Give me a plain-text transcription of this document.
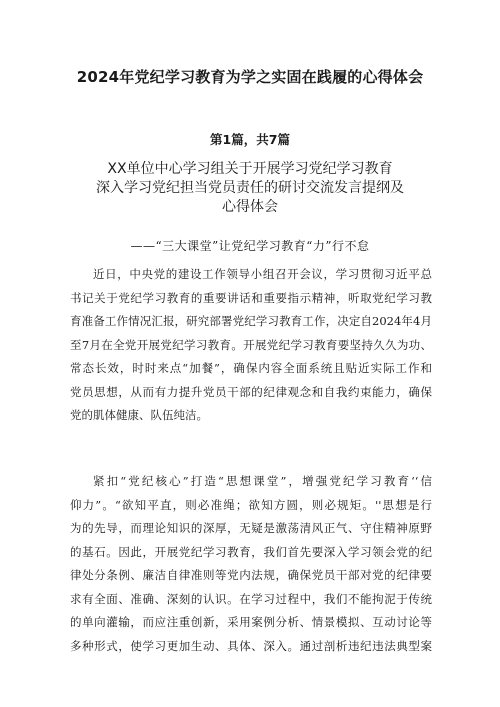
2024年党纪学习教育为学之实固在践履的心得体会
第1篇，共7篇
XX单位中心学习组关于开展学习党纪学习教育
深入学习党纪担当党员责任的研讨交流发言提纲及
心得体会
——“三大课堂”让党纪学习教育“力”行不怠
近日，中央党的建设工作领导小组召开会议，学习贯彻习近平总
书记关于党纪学习教育的重要讲话和重要指示精神，听取党纪学习教
育准备工作情况汇报，研究部署党纪学习教育工作，决定自2024年4月
至7月在全党开展党纪学习教育。开展党纪学习教育要坚持久久为功、
常态长效，时时来点“加餐”，确保内容全面系统且贴近实际工作和
党员思想，从而有力提升党员干部的纪律观念和自我约束能力，确保
党的肌体健康、队伍纯洁。
紧扣“党纪核心”打造“思想课堂”，增强党纪学习教育‘‘信
仰力”。“欲知平直，则必准绳；欲知方圆，则必规矩。''思想是行
为的先导，而理论知识的深厚，无疑是激荡清风正气、守住精神原野
的基石。因此，开展党纪学习教育，我们首先要深入学习领会党的纪
律处分条例、廉洁自律准则等党内法规，确保党员干部对党的纪律要
求有全面、准确、深刻的认识。在学习过程中，我们不能拘泥于传统
的单向灌输，而应注重创新，采用案例分析、情景模拟、互动讨论等
多种形式，使学习更加生动、具体、深入。通过剖析违纪违法典型案
